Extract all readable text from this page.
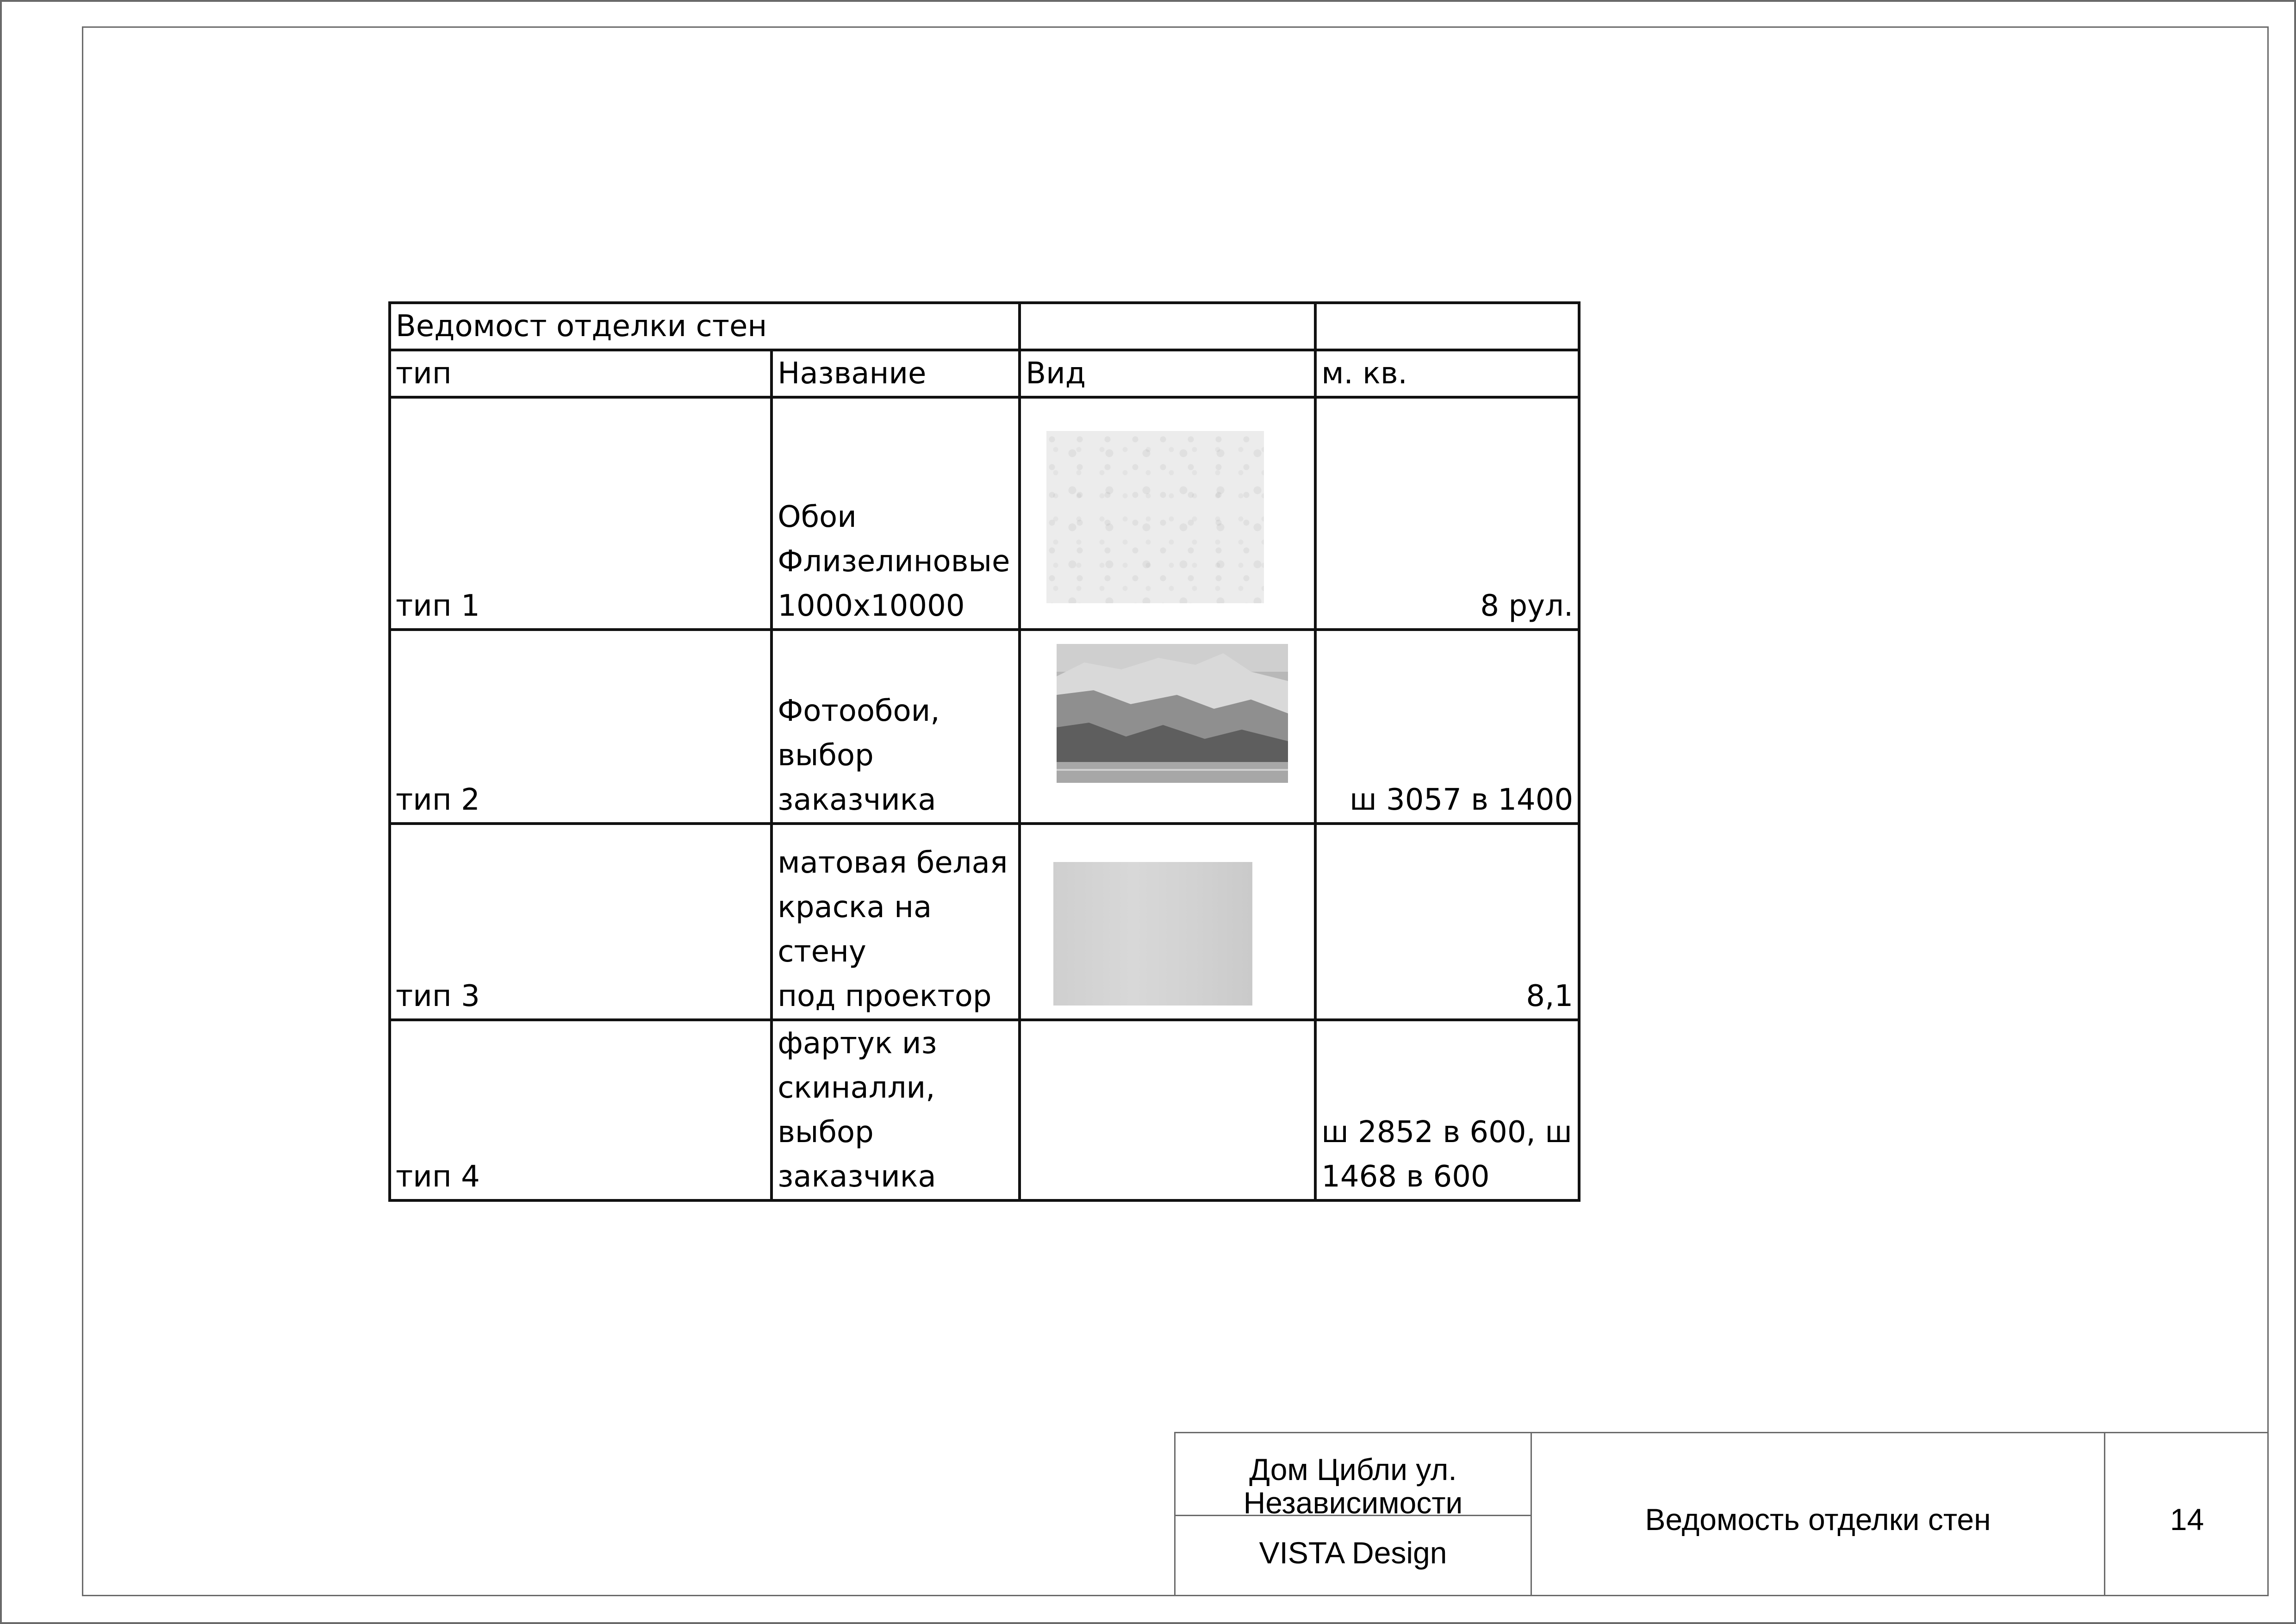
Ведомост отделки стен			
тип	Название	Вид	м. кв.
тип 1	Обои
Флизелиновые
1000x10000		8 рул.
тип 2	Фотообои,
выбор
заказчика		ш 3057 в 1400
тип 3	матовая белая
краска на стену
под проектор		8,1
тип 4	фартук из
скиналли,
выбор
заказчика		ш 2852 в 600, ш
1468 в 600
Дом Цибли ул.
Независимости
VISTA Design
Ведомость отделки стен	14
